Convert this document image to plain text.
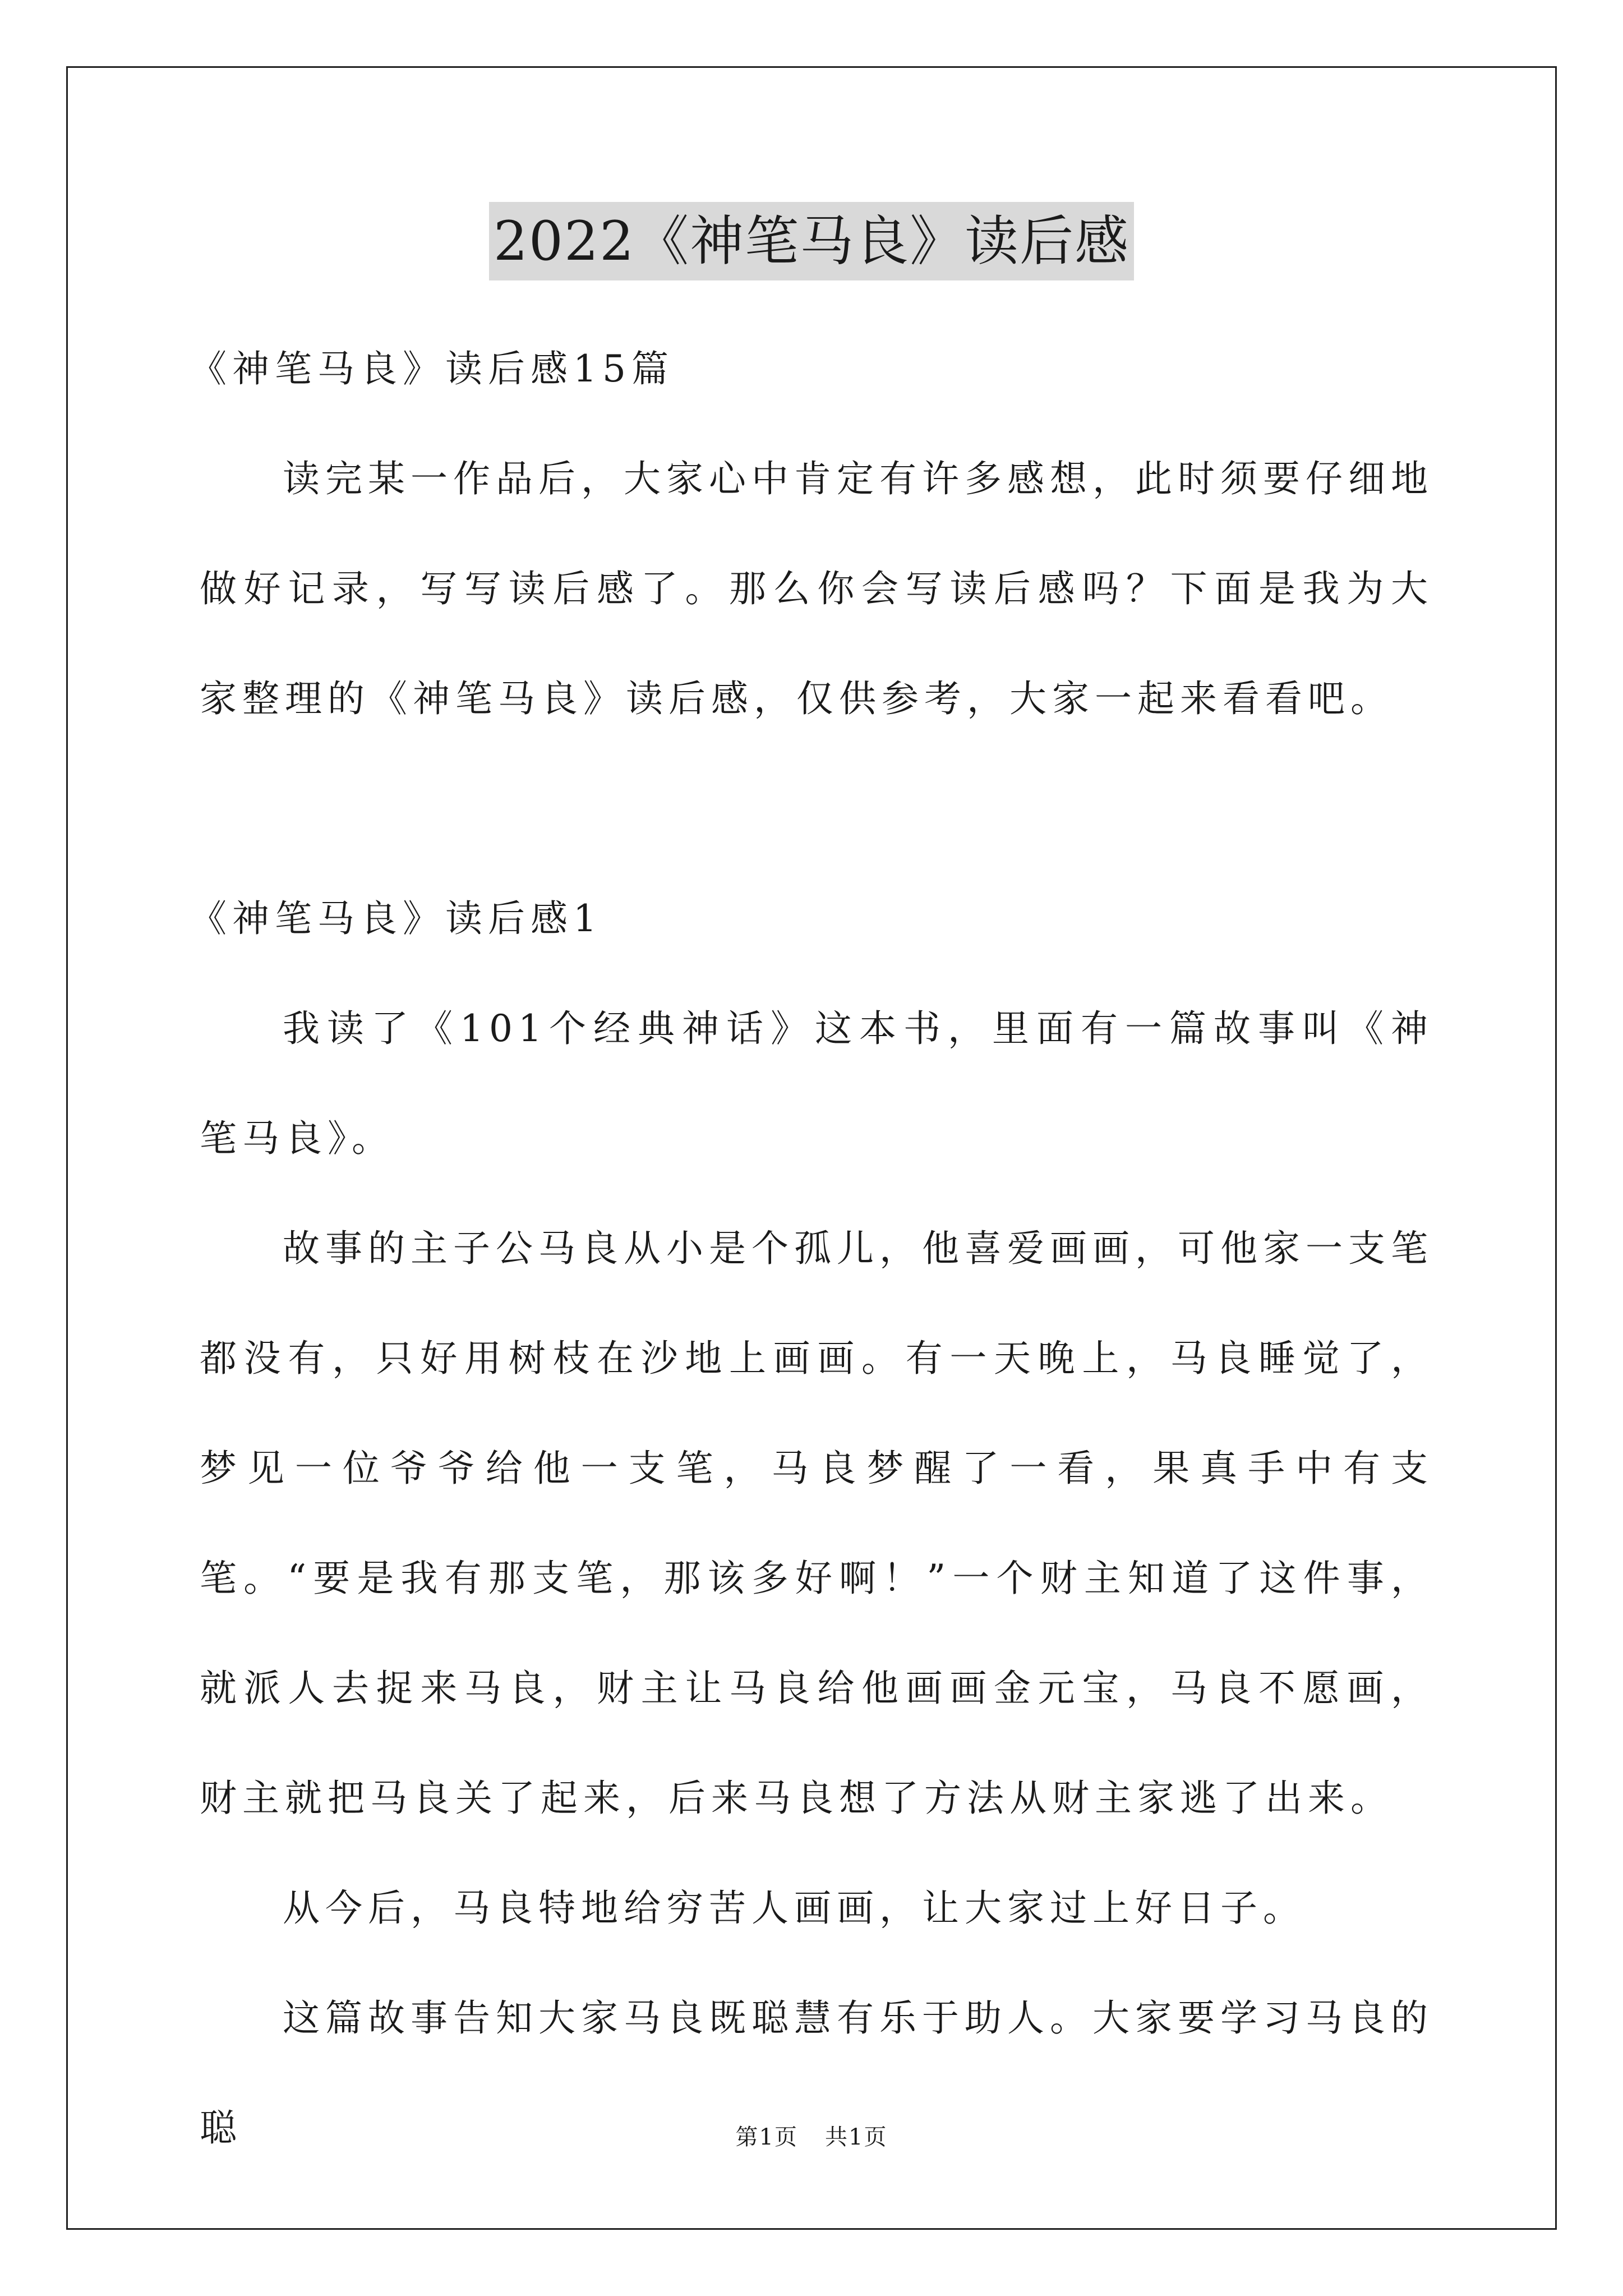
2022《神笔马良》读后感

《神笔马良》读后感15篇

读完某一作品后，大家心中肯定有许多感想，此时须要仔细地做好记录，写写读后感了。那么你会写读后感吗？下面是我为大家整理的《神笔马良》读后感，仅供参考，大家一起来看看吧。

《神笔马良》读后感1

我读了《101个经典神话》这本书，里面有一篇故事叫《神笔马良》。

故事的主子公马良从小是个孤儿，他喜爱画画，可他家一支笔都没有，只好用树枝在沙地上画画。有一天晚上，马良睡觉了，梦见一位爷爷给他一支笔，马良梦醒了一看，果真手中有支笔。“要是我有那支笔，那该多好啊！”一个财主知道了这件事，就派人去捉来马良，财主让马良给他画画金元宝，马良不愿画，财主就把马良关了起来，后来马良想了方法从财主家逃了出来。

从今后，马良特地给穷苦人画画，让大家过上好日子。

这篇故事告知大家马良既聪慧有乐于助人。大家要学习马良的聪	第1页 共1页
